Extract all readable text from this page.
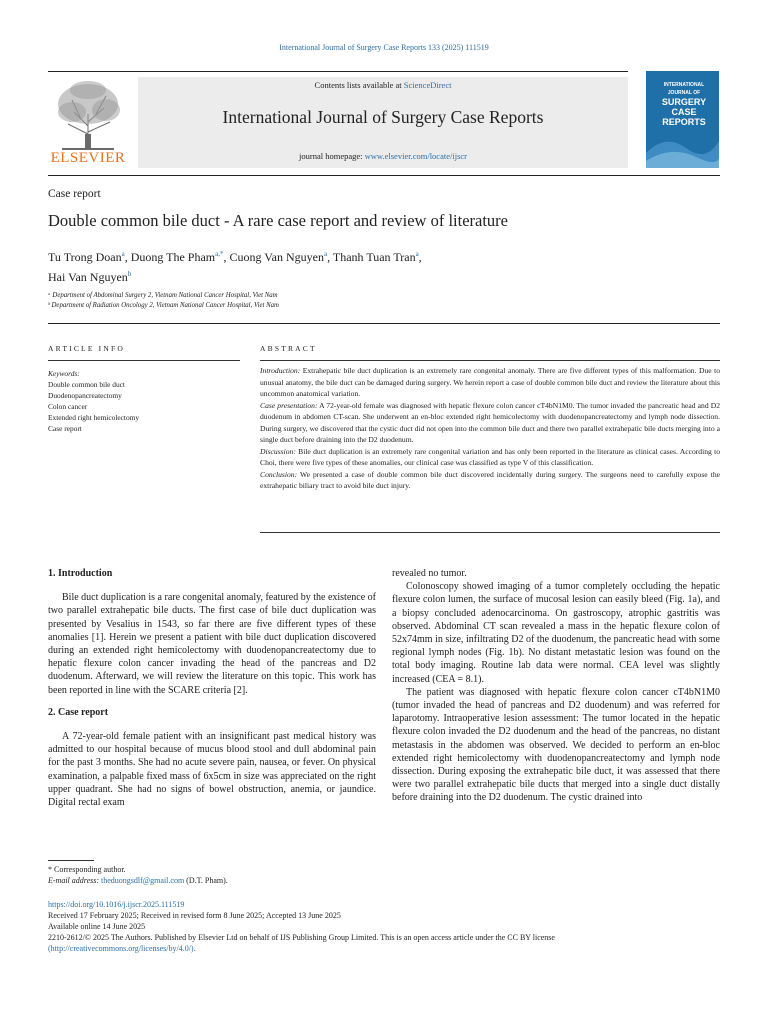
International Journal of Surgery Case Reports 133 (2025) 111519
ELSEVIER
Contents lists available at ScienceDirect
International Journal of Surgery Case Reports
journal homepage: www.elsevier.com/locate/ijscr
INTERNATIONAL
JOURNAL OF
SURGERY
CASE
REPORTS
Case report
Double common bile duct - A rare case report and review of literature
Tu Trong Doan$^a$, Duong The Pham$^{a,*}$, Cuong Van Nguyen$^a$, Thanh Tuan Tran$^a$,
Hai Van Nguyen$^b$
ᵃ Department of Abdominal Surgery 2, Vietnam National Cancer Hospital, Viet Nam
ᵇ Department of Radiation Oncology 2, Vietnam National Cancer Hospital, Viet Nam
ARTICLE INFO	ABSTRACT
Keywords:
Double common bile duct
Duodenopancreatectomy
Colon cancer
Extended right hemicolectomy
Case report

Introduction: Extrahepatic bile duct duplication is an extremely rare congenital anomaly. There are five different types of this malformation. Due to unusual anatomy, the bile duct can be damaged during surgery. We herein report a case of double common bile duct and review the literature about this uncommon anatomical variation.

Case presentation: A 72-year-old female was diagnosed with hepatic flexure colon cancer cT4bN1M0. The tumor invaded the pancreatic head and D2 duodenum in abdomen CT-scan. She underwent an en-bloc extended right hemicolectomy with duodenopancreatectomy and lymph node dissection. During surgery, we discovered that the cystic duct did not open into the common bile duct and there two parallel extrahepatic bile ducts merging into a single duct before draining into the D2 duodenum.

Discussion: Bile duct duplication is an extremely rare congenital variation and has only been reported in the literature as clinical cases. According to Choi, there were five types of these anomalies, our clinical case was classified as type V of this classification.

Conclusion: We presented a case of double common bile duct discovered incidentally during surgery. The surgeons need to carefully expose the extrahepatic biliary tract to avoid bile duct injury.

1. Introduction

Bile duct duplication is a rare congenital anomaly, featured by the existence of two parallel extrahepatic bile ducts. The first case of bile duct duplication was presented by Vesalius in 1543, so far there are five different types of these anomalies [1]. Herein we present a patient with bile duct duplication discovered during an extended right hemicolectomy with duodenopancreatectomy due to hepatic flexure colon cancer invading the head of the pancreas and D2 duodenum. Afterward, we will review the literature on this topic. This work has been reported in line with the SCARE criteria [2].

2. Case report

A 72-year-old female patient with an insignificant past medical history was admitted to our hospital because of mucus blood stool and dull abdominal pain for the past 3 months. She had no acute severe pain, nausea, or fever. On physical examination, a palpable fixed mass of 6x5cm in size was appreciated on the right upper quadrant. She had no signs of bowel obstruction, anemia, or jaundice. Digital rectal exam

revealed no tumor.

Colonoscopy showed imaging of a tumor completely occluding the hepatic flexure colon lumen, the surface of mucosal lesion can easily bleed (Fig. 1a), and a biopsy concluded adenocarcinoma. On gastroscopy, atrophic gastritis was observed. Abdominal CT scan revealed a mass in the hepatic flexure colon of 52x74mm in size, infiltrating D2 of the duodenum, the pancreatic head with some regional lymph nodes (Fig. 1b). No distant metastatic lesion was found on the total body imaging. Routine lab data were normal. CEA level was slightly increased (CEA = 8.1).

The patient was diagnosed with hepatic flexure colon cancer cT4bN1M0 (tumor invaded the head of pancreas and D2 duodenum) and was referred for laparotomy. Intraoperative lesion assessment: The tumor located in the hepatic flexure colon invaded the D2 duodenum and the head of the pancreas, no distant metastasis in the abdomen was observed. We decided to perform an en-bloc extended right hemicolectomy with duodenopancreatectomy and lymph node dissection. During exposing the extrahepatic bile duct, it was assessed that there were two parallel extrahepatic bile ducts that merged into a single duct distally before draining into the D2 duodenum. The cystic drained into

* Corresponding author.
E-mail address: theduongsdlf@gmail.com (D.T. Pham).
https://doi.org/10.1016/j.ijscr.2025.111519
Received 17 February 2025; Received in revised form 8 June 2025; Accepted 13 June 2025
Available online 14 June 2025
2210-2612/© 2025 The Authors. Published by Elsevier Ltd on behalf of IJS Publishing Group Limited. This is an open access article under the CC BY license
(http://creativecommons.org/licenses/by/4.0/).
